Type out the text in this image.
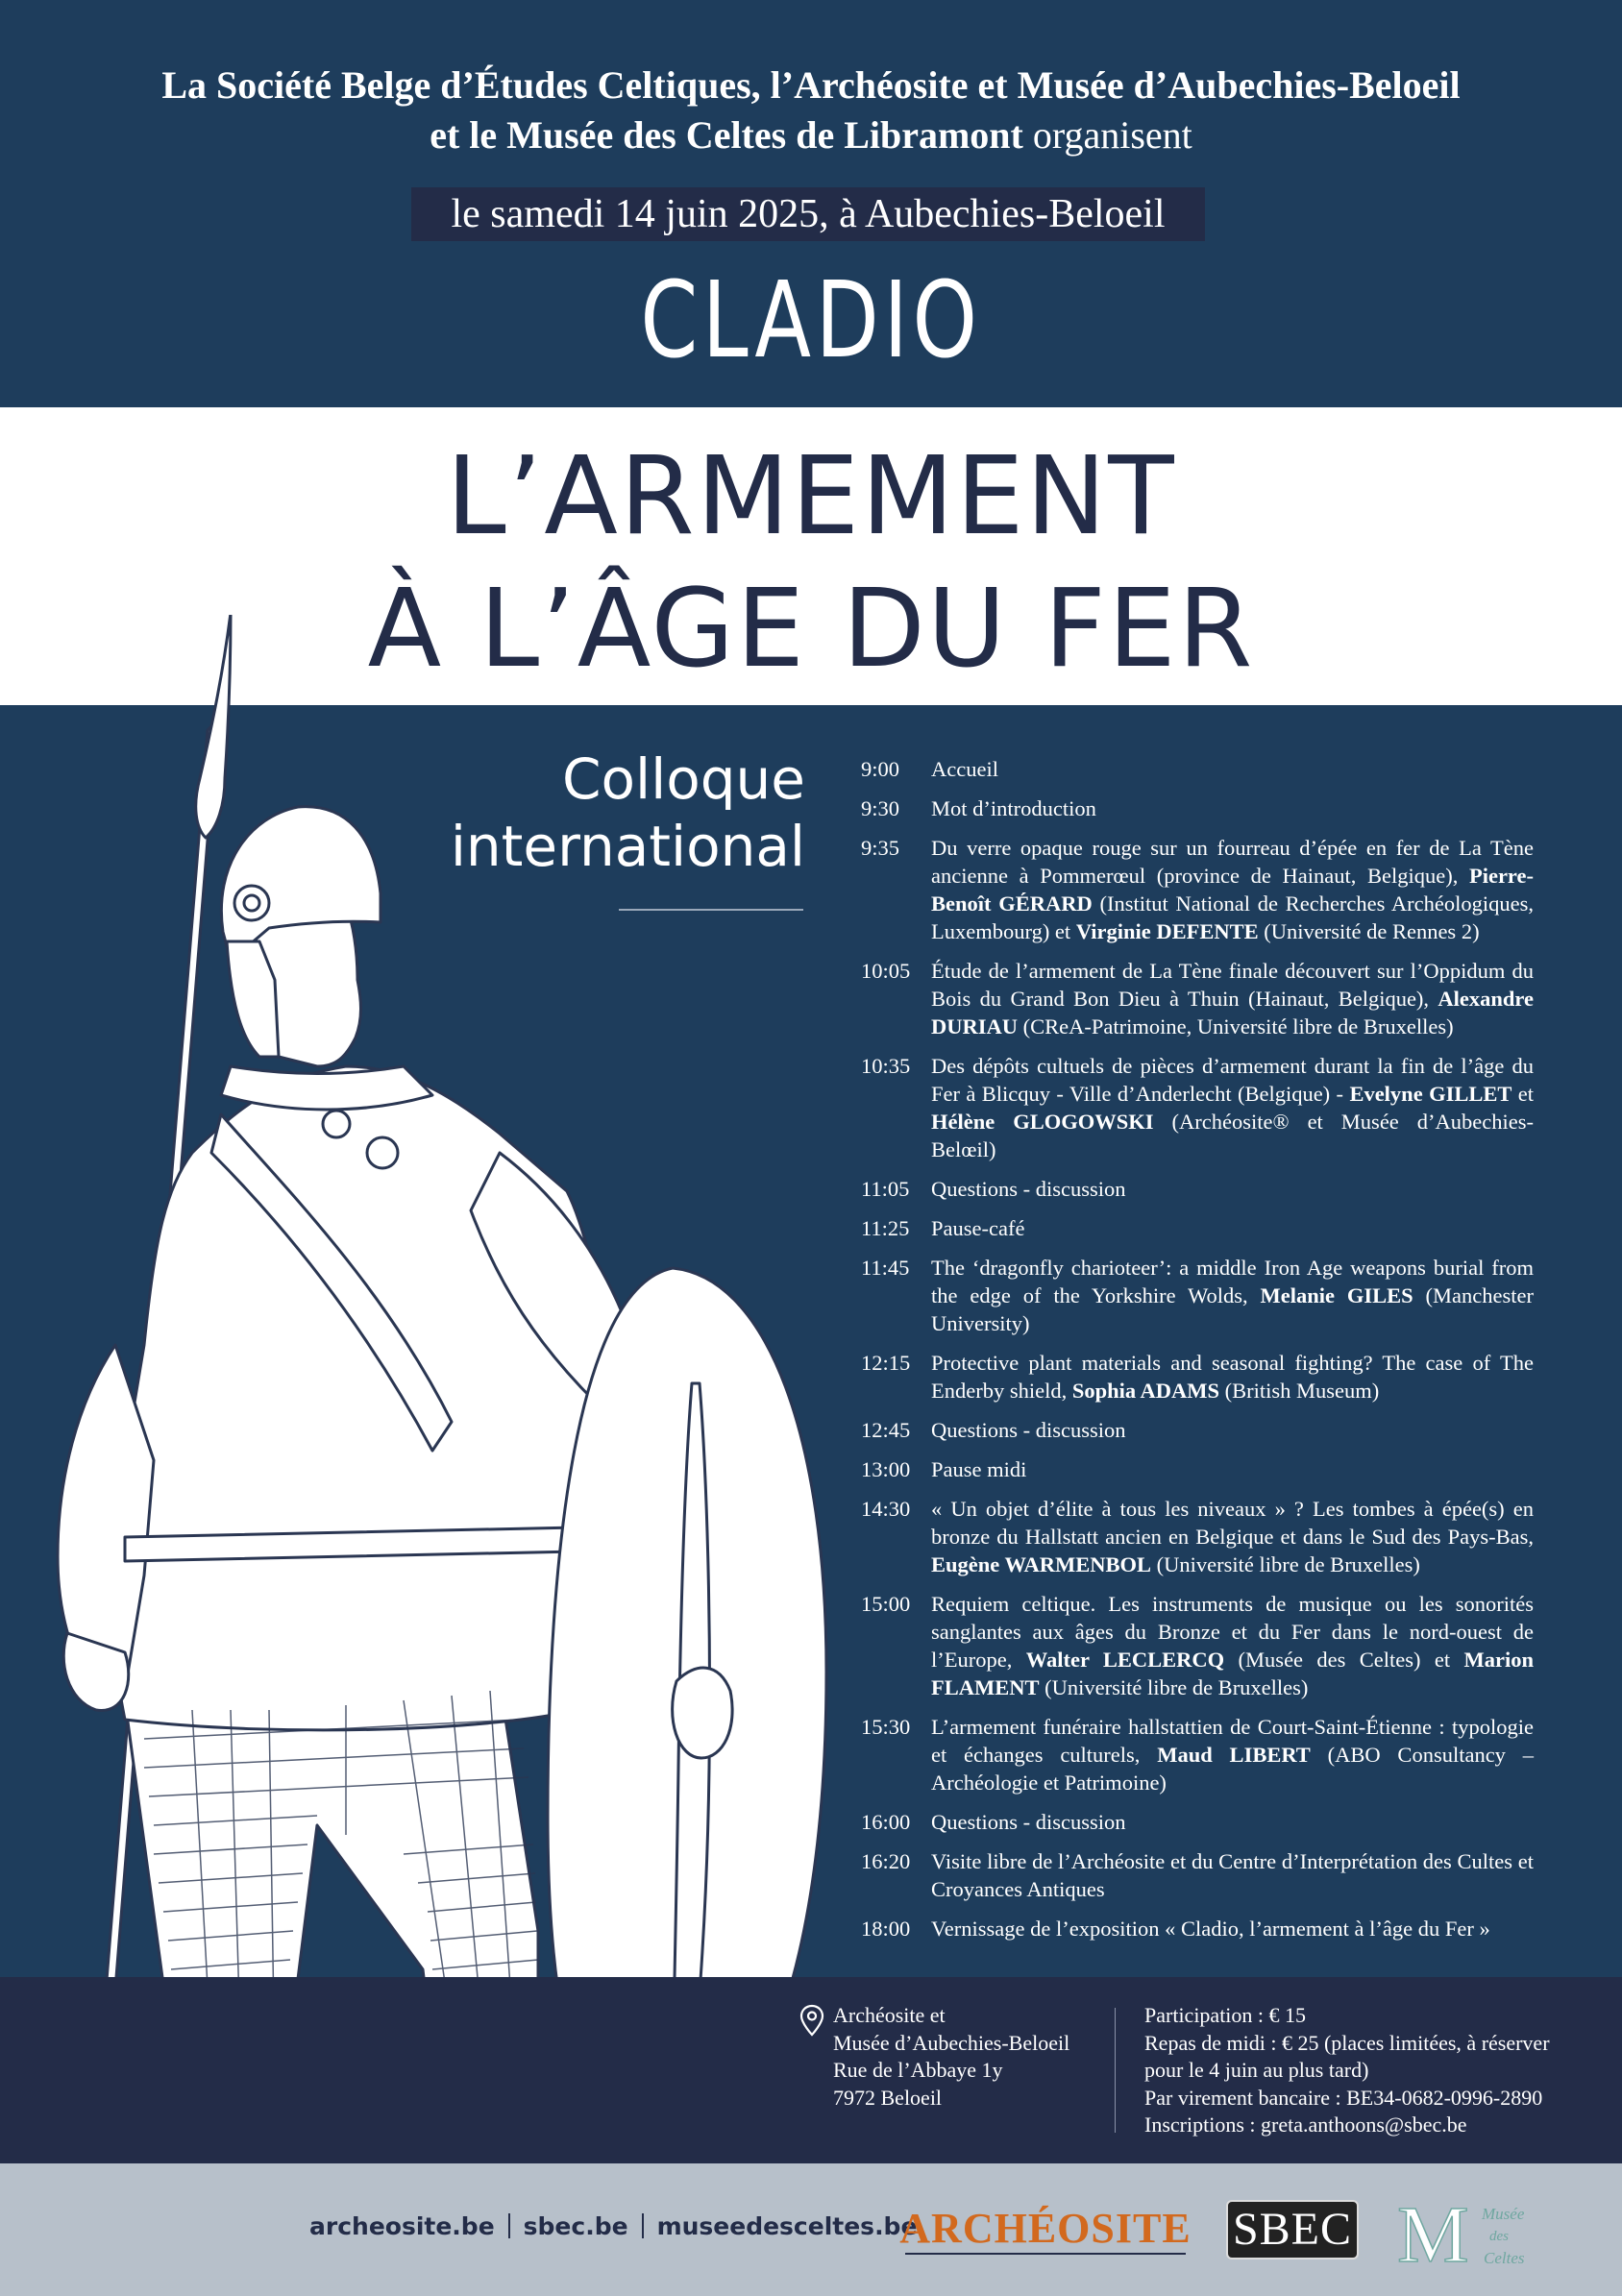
La Société Belge d’Études Celtiques, l’Archéosite et Musée d’Aubechies-Beloeil
et le Musée des Celtes de Libramont organisent
le samedi 14 juin 2025, à Aubechies-Beloeil
CLADIO
L’ARMEMENT
À L’ÂGE DU FER
Colloque
international
9:00	Accueil
9:30	Mot d’introduction
9:35	Du verre opaque rouge sur un fourreau d’épée en fer de La Tène ancienne à Pommerœul (province de Hainaut, Belgique), Pierre-Benoît GÉRARD (Institut National de Recherches Archéologiques, Luxembourg) et Virginie DEFENTE (Université de Rennes 2)
10:05 Étude de l’armement de La Tène finale découvert sur l’Oppidum du Bois du Grand Bon Dieu à Thuin (Hainaut, Belgique), Alexandre DURIAU (CReA-Patrimoine, Université libre de Bruxelles)
10:35 Des dépôts cultuels de pièces d’armement durant la fin de l’âge du Fer à Blicquy - Ville d’Anderlecht (Belgique) - Evelyne GILLET et Hélène GLOGOWSKI (Archéosite® et Musée d’Aubechies-Belœil)
11:05	Questions - discussion
11:25	Pause-café
11:45	The ‘dragonfly charioteer’: a middle Iron Age weapons burial from the edge of the Yorkshire Wolds, Melanie GILES (Manchester University)
12:15 Protective plant materials and seasonal fighting? The case of The Enderby shield, Sophia ADAMS (British Museum)
12:45 Questions - discussion
13:00 Pause midi
14:30 « Un objet d’élite à tous les niveaux » ? Les tombes à épée(s) en bronze du Hallstatt ancien en Belgique et dans le Sud des Pays-Bas, Eugène WARMENBOL (Université libre de Bruxelles)
15:00 Requiem celtique. Les instruments de musique ou les sonorités sanglantes aux âges du Bronze et du Fer dans le nord-ouest de l’Europe, Walter LECLERCQ (Musée des Celtes) et Marion FLAMENT (Université libre de Bruxelles)
15:30 L’armement funéraire hallstattien de Court-Saint-Étienne : typologie et échanges culturels, Maud LIBERT (ABO Consultancy – Archéologie et Patrimoine)
16:00 Questions - discussion
16:20 Visite libre de l’Archéosite et du Centre d’Interprétation des Cultes et Croyances Antiques
18:00 Vernissage de l’exposition « Cladio, l’armement à l’âge du Fer »
Archéosite et
Musée d’Aubechies-Beloeil
Rue de l’Abbaye 1y
7972 Beloeil
Participation : € 15
Repas de midi : € 25 (places limitées, à réserver
pour le 4 juin au plus tard)
Par virement bancaire : BE34-0682-0996-2890
Inscriptions : greta.anthoons@sbec.be
archeosite.be sbec.be museedesceltes.be
ARCHÉOSITE SBEC M Musée
des
Celtes
